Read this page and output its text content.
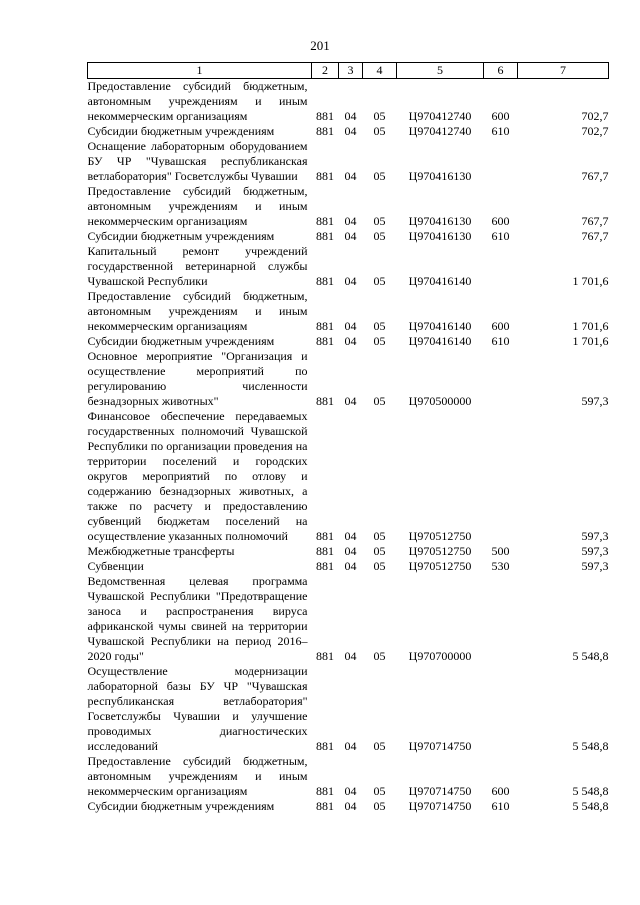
201
1	2	3	4	5	6	7
Предоставление субсидий бюджетным, автономным учреждениям и иным некоммерческим организациям	881	04	05	Ц970412740	600	702,7
Субсидии бюджетным учреждениям	881	04	05	Ц970412740	610	702,7
Оснащение лабораторным оборудованием БУ ЧР "Чувашская республиканская ветлаборатория" Госветслужбы Чувашии	881	04	05	Ц970416130		767,7
Предоставление субсидий бюджетным, автономным учреждениям и иным некоммерческим организациям	881	04	05	Ц970416130	600	767,7
Субсидии бюджетным учреждениям	881	04	05	Ц970416130	610	767,7
Капитальный ремонт учреждений государственной ветеринарной службы Чувашской Республики	881	04	05	Ц970416140		1 701,6
Предоставление субсидий бюджетным, автономным учреждениям и иным некоммерческим организациям	881	04	05	Ц970416140	600	1 701,6
Субсидии бюджетным учреждениям	881	04	05	Ц970416140	610	1 701,6
Основное мероприятие "Организация и осуществление мероприятий по регулированию численности безнадзорных животных"	881	04	05	Ц970500000		597,3
Финансовое обеспечение передаваемых государственных полномочий Чувашской Республики по организации проведения на территории поселений и городских округов мероприятий по отлову и содержанию безнадзорных животных, а также по расчету и предоставлению субвенций бюджетам поселений на осуществление указанных полномочий	881	04	05	Ц970512750		597,3
Межбюджетные трансферты	881	04	05	Ц970512750	500	597,3
Субвенции	881	04	05	Ц970512750	530	597,3
Ведомственная целевая программа Чувашской Республики "Предотвращение заноса и распространения вируса африканской чумы свиней на территории Чувашской Республики на период 2016–2020 годы"	881	04	05	Ц970700000		5 548,8
Осуществление модернизации лабораторной базы БУ ЧР "Чувашская республиканская ветлаборатория" Госветслужбы Чувашии и улучшение проводимых диагностических исследований	881	04	05	Ц970714750		5 548,8
Предоставление субсидий бюджетным, автономным учреждениям и иным некоммерческим организациям	881	04	05	Ц970714750	600	5 548,8
Субсидии бюджетным учреждениям	881	04	05	Ц970714750	610	5 548,8
